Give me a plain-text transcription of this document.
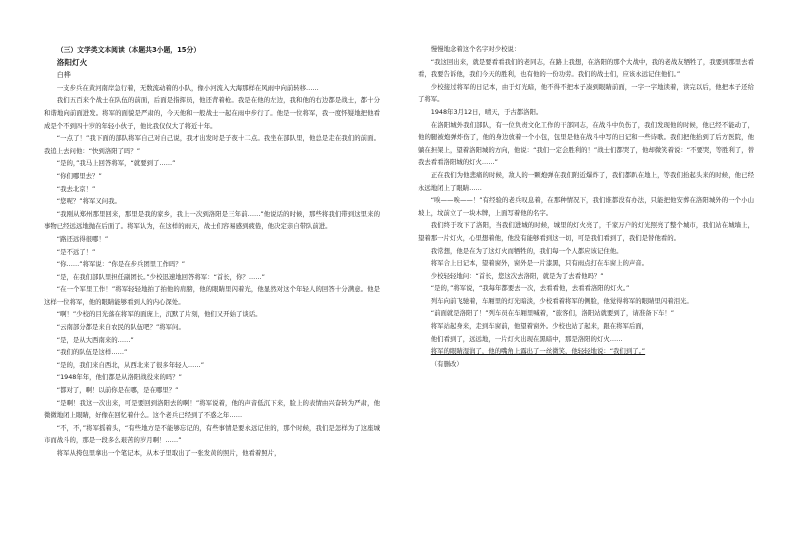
（三）文学类文本阅读（本题共3小题，15分）

洛阳灯火

白桦

一支步兵在黄河南岸急行着，无数流动着的小队，像小河流入大海那样在风雨中向前转移……

我们五百来个战士在队伍的前面，后面是指挥员，他还背着枪。我是在他的左边，我和他的右边都是战士，都十分和谐地向前面进发。将军的面貌是严肃的，今天他和一般战士一起在雨中步行了。他是一位将军，我一度怀疑地把他看成是个不到四十岁的年轻小伙子，他比我仅仅大了将近十年。

“一点了！”我下面的部队将军自己对自己说，我才出发时是子夜十二点。我坐在部队里，他总是走在我们的前面。我追上去问他：“快到洛阳了吗？”

“是的，”我马上回答将军，“就要到了……”

“你们哪里去？”

“我去北京！”

“您呢？”将军又问我。

“我刚从郑州那里回来，那里是我的家乡，我上一次到洛阳是三年前……”他说话的时候，那些将我们带到这里来的事物已经远远地抛在后面了。将军认为，在这样的雨天，战士们容易感到疲倦，他决定亲自带队前进。

“路还远得很哪！”

“是不远了！”

“你……”将军说：“你是在步兵团里工作吗？”

“是，在我们部队里担任副团长。”少校迅速地回答将军：“首长，你？……”

“在一个军里工作！”将军轻轻地拍了拍他的肩膀，他的眼睛里闪着光，他显然对这个年轻人的回答十分满意。他是这样一位将军，他的眼睛能够看到人的内心深处。

“啊！”少校的目光落在将军的面庞上，沉默了片刻，他们又开始了谈话。

“云南部分都是来自农民的队伍吧？”将军问。

“是，是从大西南来的……”

“我们的队伍是这样……”

“是的，我们来自西北，从西北来了很多年轻人……”

“1948年年，他们都是从洛阳战役来的吗？”

“都对了，啊！以前你是在哪，是在哪里？”

“是啊！我这一次出来，可是要回到洛阳去的啊！”将军说着，他的声音低沉下来，脸上的表情由兴奋转为严肃，他微微地闭上眼睛，好像在回忆着什么。这个老兵已经到了不惑之年……

“不，不，”将军摇着头，“有些地方是不能够忘记的，有些事情是要永远记住的，那个时候，我们是怎样为了这座城市而战斗的，那是一段多么艰苦的岁月啊！……”

将军从挎包里拿出一个笔记本，从本子里取出了一张发黄的照片，他看着照片，

慢慢地念着这个名字对少校说：

“我这回出来，就是要看看我们的老同志，在路上我想，在洛阳的那个大战中，我的老战友牺牲了，我要到那里去看看，我要告诉他，我们今天的胜利，也有他的一份功劳。我们的战士们，应该永远记住他们。”

少校接过将军的日记本，由于灯光暗，他不得不把本子凑到眼睛前面，一字一字地读着，读完以后，他把本子还给了将军。

1948年3月12日，晴天，于古都洛阳。

在洛阳城外我们部队，有一位负责文化工作的干部同志，在战斗中负伤了，我们发现他的时候，他已经不能动了，他的腿被炮弹炸伤了，他的身边放着一个小包，包里是他在战斗中写的日记和一些诗歌。我们把他抬到了后方医院，他躺在担架上，望着洛阳城的方向，他说：“我们一定会胜利的！”战士们都哭了，他却微笑着说：“不要哭，等胜利了，替我去看看洛阳城的灯火……”

正在我们为他悲痛的时候，敌人的一颗炮弹在我们附近爆炸了，我们都趴在地上，等我们抬起头来的时候，他已经永远地闭上了眼睛……

“唉——唉——！”有经验的老兵叹息着，在那种情况下，我们谁都没有办法，只能把他安葬在洛阳城外的一个小山坡上，坟前立了一块木牌，上面写着他的名字。

我们终于攻下了洛阳，当我们进城的时候，城里的灯火亮了，千家万户的灯光照亮了整个城市，我们站在城墙上，望着那一片灯火，心里想着他，他没有能够看到这一切，可是我们看到了，我们是替他看的。

我常想，他是在为了这灯火而牺牲的，我们每一个人都应该记住他。

将军合上日记本，望着窗外，窗外是一片漆黑，只有雨点打在车窗上的声音。

少校轻轻地问：“首长，您这次去洛阳，就是为了去看他吗？”

“是的，”将军说，“我每年都要去一次，去看看他，去看看洛阳的灯火。”

列车向前飞驰着，车厢里的灯光暗淡，少校看着将军的侧脸，他觉得将军的眼睛里闪着泪光。

“前面就是洛阳了！”列车员在车厢里喊着，“旅客们，洛阳站就要到了，请准备下车！”

将军站起身来，走到车窗前，他望着窗外。少校也站了起来，跟在将军后面，

他们看到了，远远地，一片灯火出现在黑暗中，那是洛阳的灯火……

将军的眼睛湿润了，他的嘴角上露出了一丝微笑，他轻轻地说：“我们到了。”

（有删改）
